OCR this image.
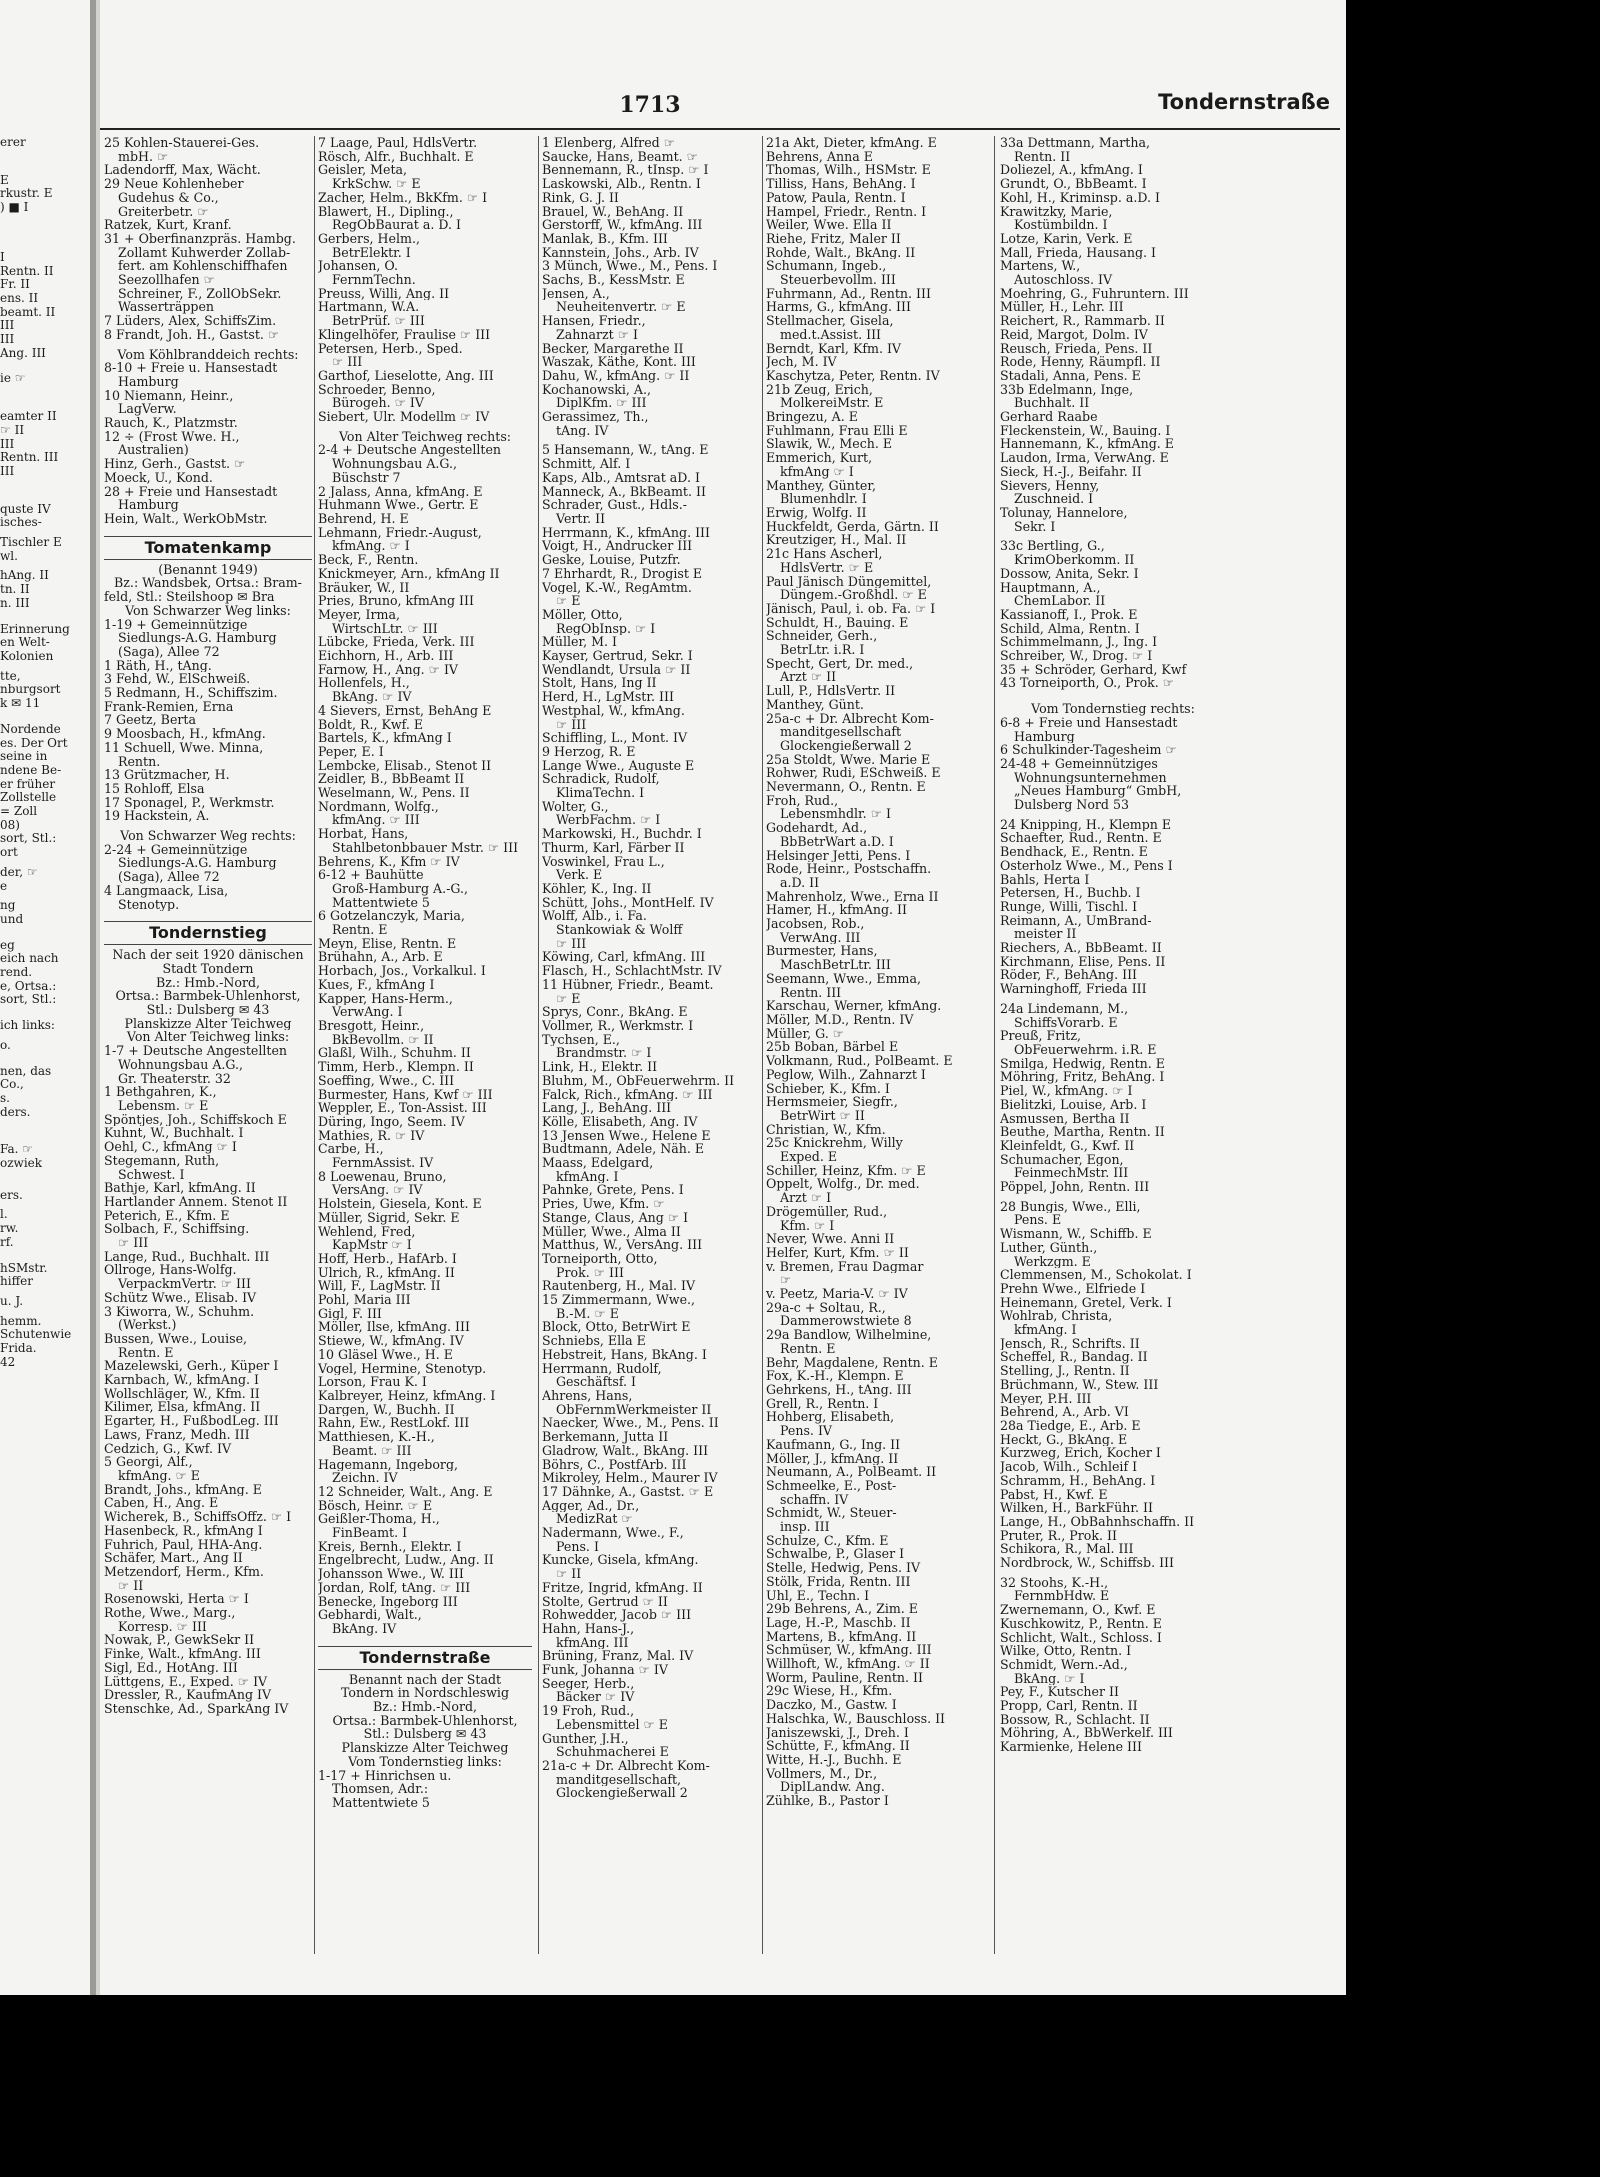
1713	Tondernstraße
erer
E
rkustr. E
) ■ I
I
Rentn. II
Fr. II
ens. II
beamt. II
III
III
Ang. III
ie ☞
eamter II
☞ II
III
Rentn. III
III
quste IV
isches-
Tischler E
wl.
hAng. II
tn. II
n. III
Erinnerung
en Welt-
Kolonien
tte,
nburgsort
k ✉ 11
Nordende
es. Der Ort
seine in
ndene Be-
er früher
Zollstelle
= Zoll
08)
sort, Stl.:
ort
der, ☞
e
ng
und
eg
eich nach
rend.
e, Ortsa.:
sort, Stl.:
ich links:
o.
nen, das
Co.,
s.
ders.
Fa. ☞
ozwiek
ers.
l.
rw.
rf.
hSMstr.
hiffer
u. J.
hemm.
Schutenwie
Frida.
42
25 Kohlen-Stauerei-Ges.
mbH. ☞
Ladendorff, Max, Wächt.
29 Neue Kohlenheber
Gudehus & Co.,
Greiterbetr. ☞
Ratzek, Kurt, Kranf.
31 + Oberfinanzpräs. Hambg.
Zollamt Kuhwerder Zollab-
fert. am Kohlenschiffhafen
Seezollhafen ☞
Schreiner, F., ZollObSekr.
Wasserträppen
7 Lüders, Alex, SchiffsZim.
8 Frandt, Joh. H., Gastst. ☞
Vom Köhlbranddeich rechts:
8-10 + Freie u. Hansestadt
Hamburg
10 Niemann, Heinr.,
LagVerw.
Rauch, K., Platzmstr.
12 ÷ (Frost Wwe. H.,
Australien)
Hinz, Gerh., Gastst. ☞
Moeck, U., Kond.
28 + Freie und Hansestadt
Hamburg
Hein, Walt., WerkObMstr.
Tomatenkamp
(Benannt 1949)
Bz.: Wandsbek, Ortsa.: Bram-
feld, Stl.: Steilshoop ✉ Bra
Von Schwarzer Weg links:
1-19 + Gemeinnützige
Siedlungs-A.G. Hamburg
(Saga), Allee 72
1 Räth, H., tAng.
3 Fehd, W., ElSchweiß.
5 Redmann, H., Schiffszim.
Frank-Remien, Erna
7 Geetz, Berta
9 Moosbach, H., kfmAng.
11 Schuell, Wwe. Minna,
Rentn.
13 Grützmacher, H.
15 Rohloff, Elsa
17 Sponagel, P., Werkmstr.
19 Hackstein, A.
Von Schwarzer Weg rechts:
2-24 + Gemeinnützige
Siedlungs-A.G. Hamburg
(Saga), Allee 72
4 Langmaack, Lisa,
Stenotyp.
Tondernstieg
Nach der seit 1920 dänischen
Stadt Tondern
Bz.: Hmb.-Nord,
Ortsa.: Barmbek-Uhlenhorst,
Stl.: Dulsberg ✉ 43
Planskizze Alter Teichweg
Von Alter Teichweg links:
1-7 + Deutsche Angestellten
Wohnungsbau A.G.,
Gr. Theaterstr. 32
1 Bethgahren, K.,
Lebensm. ☞ E
Spöntjes, Joh., Schiffskoch E
Kuhnt, W., Buchhalt. I
Oehl, C., kfmAng ☞ I
Stegemann, Ruth,
Schwest. I
Bathje, Karl, kfmAng. II
Hartlander Annem. Stenot II
Peterich, E., Kfm. E
Solbach, F., Schiffsing.
☞ III
Lange, Rud., Buchhalt. III
Ollroge, Hans-Wolfg.
VerpackmVertr. ☞ III
Schütz Wwe., Elisab. IV
3 Kiworra, W., Schuhm.
(Werkst.)
Bussen, Wwe., Louise,
Rentn. E
Mazelewski, Gerh., Küper I
Karnbach, W., kfmAng. I
Wollschläger, W., Kfm. II
Kilimer, Elsa, kfmAng. II
Egarter, H., FußbodLeg. III
Laws, Franz, Medh. III
Cedzich, G., Kwf. IV
5 Georgi, Alf.,
kfmAng. ☞ E
Brandt, Johs., kfmAng. E
Caben, H., Ang. E
Wicherek, B., SchiffsOffz. ☞ I
Hasenbeck, R., kfmAng I
Fuhrich, Paul, HHA-Ang.
Schäfer, Mart., Ang II
Metzendorf, Herm., Kfm.
☞ II
Rosenowski, Herta ☞ I
Rothe, Wwe., Marg.,
Korresp. ☞ III
Nowak, P., GewkSekr II
Finke, Walt., kfmAng. III
Sigl, Ed., HotAng. III
Lüttgens, E., Exped. ☞ IV
Dressler, R., KaufmAng IV
Stenschke, Ad., SparkAng IV
7 Laage, Paul, HdlsVertr.
Rösch, Alfr., Buchhalt. E
Geisler, Meta,
KrkSchw. ☞ E
Zacher, Helm., BkKfm. ☞ I
Blawert, H., Dipling.,
RegObBaurat a. D. I
Gerbers, Helm.,
BetrElektr. I
Johansen, O.
FernmTechn.
Preuss, Willi, Ang. II
Hartmann, W.A.
BetrPrüf. ☞ III
Klingelhöfer, Fraulise ☞ III
Petersen, Herb., Sped.
☞ III
Garthof, Lieselotte, Ang. III
Schroeder, Benno,
Bürogeh. ☞ IV
Siebert, Ulr. Modellm ☞ IV
Von Alter Teichweg rechts:
2-4 + Deutsche Angestellten
Wohnungsbau A.G.,
Büschstr 7
2 Jalass, Anna, kfmAng. E
Huhmann Wwe., Gertr. E
Behrend, H. E
Lehmann, Friedr.-August,
kfmAng. ☞ I
Beck, F., Rentn.
Knickmeyer, Arn., kfmAng II
Bräuker, W., II
Pries, Bruno, kfmAng III
Meyer, Irma,
WirtschLtr. ☞ III
Lübcke, Frieda, Verk. III
Eichhorn, H., Arb. III
Farnow, H., Ang. ☞ IV
Hollenfels, H.,
BkAng. ☞ IV
4 Sievers, Ernst, BehAng E
Boldt, R., Kwf. E
Bartels, K., kfmAng I
Peper, E. I
Lembcke, Elisab., Stenot II
Zeidler, B., BbBeamt II
Weselmann, W., Pens. II
Nordmann, Wolfg.,
kfmAng. ☞ III
Horbat, Hans,
Stahlbetonbbauer Mstr. ☞ III
Behrens, K., Kfm ☞ IV
6-12 + Bauhütte
Groß-Hamburg A.-G.,
Mattentwiete 5
6 Gotzelanczyk, Maria,
Rentn. E
Meyn, Elise, Rentn. E
Brühahn, A., Arb. E
Horbach, Jos., Vorkalkul. I
Kues, F., kfmAng I
Kapper, Hans-Herm.,
VerwAng. I
Bresgott, Heinr.,
BkBevollm. ☞ II
Glaßl, Wilh., Schuhm. II
Timm, Herb., Klempn. II
Soeffing, Wwe., C. III
Burmester, Hans, Kwf ☞ III
Weppler, E., Ton-Assist. III
Düring, Ingo, Seem. IV
Mathies, R. ☞ IV
Carbe, H.,
FernmAssist. IV
8 Loewenau, Bruno,
VersAng. ☞ IV
Holstein, Giesela, Kont. E
Müller, Sigrid, Sekr. E
Wehlend, Fred,
KapMstr ☞ I
Hoff, Herb., HafArb. I
Ulrich, R., kfmAng. II
Will, F., LagMstr. II
Pohl, Maria III
Gigl, F. III
Möller, Ilse, kfmAng. III
Stiewe, W., kfmAng. IV
10 Gläsel Wwe., H. E
Vogel, Hermine, Stenotyp.
Lorson, Frau K. I
Kalbreyer, Heinz, kfmAng. I
Dargen, W., Buchh. II
Rahn, Ew., RestLokf. III
Matthiesen, K.-H.,
Beamt. ☞ III
Hagemann, Ingeborg,
Zeichn. IV
12 Schneider, Walt., Ang. E
Bösch, Heinr. ☞ E
Geißler-Thoma, H.,
FinBeamt. I
Kreis, Bernh., Elektr. I
Engelbrecht, Ludw., Ang. II
Johansson Wwe., W. III
Jordan, Rolf, tAng. ☞ III
Benecke, Ingeborg III
Gebhardi, Walt.,
BkAng. IV
Tondernstraße
Benannt nach der Stadt
Tondern in Nordschleswig
Bz.: Hmb.-Nord,
Ortsa.: Barmbek-Uhlenhorst,
Stl.: Dulsberg ✉ 43
Planskizze Alter Teichweg
Vom Tondernstieg links:
1-17 + Hinrichsen u.
Thomsen, Adr.:
Mattentwiete 5
1 Elenberg, Alfred ☞
Saucke, Hans, Beamt. ☞
Bennemann, R., tInsp. ☞ I
Laskowski, Alb., Rentn. I
Rink, G. J. II
Brauel, W., BehAng. II
Gerstorff, W., kfmAng. III
Manlak, B., Kfm. III
Kannstein, Johs., Arb. IV
3 Münch, Wwe., M., Pens. I
Sachs, B., KessMstr. E
Jensen, A.,
Neuheitenvertr. ☞ E
Hansen, Friedr.,
Zahnarzt ☞ I
Becker, Margarethe II
Waszak, Käthe, Kont. III
Dahu, W., kfmAng. ☞ II
Kochanowski, A.,
DiplKfm. ☞ III
Gerassimez, Th.,
tAng. IV
5 Hansemann, W., tAng. E
Schmitt, Alf. I
Kaps, Alb., Amtsrat aD. I
Manneck, A., BkBeamt. II
Schrader, Gust., Hdls.-
Vertr. II
Herrmann, K., kfmAng. III
Voigt, H., Andrucker III
Geske, Louise, Putzfr.
7 Ehrhardt, R., Drogist E
Vogel, K.-W., RegAmtm.
☞ E
Möller, Otto,
RegObInsp. ☞ I
Müller, M. I
Kayser, Gertrud, Sekr. I
Wendlandt, Ursula ☞ II
Stolt, Hans, Ing II
Herd, H., LgMstr. III
Westphal, W., kfmAng.
☞ III
Schiffling, L., Mont. IV
9 Herzog, R. E
Lange Wwe., Auguste E
Schradick, Rudolf,
KlimaTechn. I
Wolter, G.,
WerbFachm. ☞ I
Markowski, H., Buchdr. I
Thurm, Karl, Färber II
Voswinkel, Frau L.,
Verk. E
Köhler, K., Ing. II
Schütt, Johs., MontHelf. IV
Wolff, Alb., i. Fa.
Stankowiak & Wolff
☞ III
Köwing, Carl, kfmAng. III
Flasch, H., SchlachtMstr. IV
11 Hübner, Friedr., Beamt.
☞ E
Sprys, Conr., BkAng. E
Vollmer, R., Werkmstr. I
Tychsen, E.,
Brandmstr. ☞ I
Link, H., Elektr. II
Bluhm, M., ObFeuerwehrm. II
Falck, Rich., kfmAng. ☞ III
Lang, J., BehAng. III
Kölle, Elisabeth, Ang. IV
13 Jensen Wwe., Helene E
Budtmann, Adele, Näh. E
Maass, Edelgard,
kfmAng. I
Pahnke, Grete, Pens. I
Pries, Uwe, Kfm. ☞
Stange, Claus, Ang ☞ I
Müller, Wwe., Alma II
Matthus, W., VersAng. III
Torneiporth, Otto,
Prok. ☞ III
Rautenberg, H., Mal. IV
15 Zimmermann, Wwe.,
B.-M. ☞ E
Block, Otto, BetrWirt E
Schniebs, Ella E
Hebstreit, Hans, BkAng. I
Herrmann, Rudolf,
Geschäftsf. I
Ahrens, Hans,
ObFernmWerkmeister II
Naecker, Wwe., M., Pens. II
Berkemann, Jutta II
Gladrow, Walt., BkAng. III
Böhrs, C., PostfArb. III
Mikroley, Helm., Maurer IV
17 Dähnke, A., Gastst. ☞ E
Agger, Ad., Dr.,
MedizRat ☞
Nadermann, Wwe., F.,
Pens. I
Kuncke, Gisela, kfmAng.
☞ II
Fritze, Ingrid, kfmAng. II
Stolte, Gertrud ☞ II
Rohwedder, Jacob ☞ III
Hahn, Hans-J.,
kfmAng. III
Brüning, Franz, Mal. IV
Funk, Johanna ☞ IV
Seeger, Herb.,
Bäcker ☞ IV
19 Froh, Rud.,
Lebensmittel ☞ E
Gunther, J.H.,
Schuhmacherei E
21a-c + Dr. Albrecht Kom-
manditgesellschaft,
Glockengießerwall 2
21a Akt, Dieter, kfmAng. E
Behrens, Anna E
Thomas, Wilh., HSMstr. E
Tilliss, Hans, BehAng. I
Patow, Paula, Rentn. I
Hampel, Friedr., Rentn. I
Weiler, Wwe. Ella II
Riehe, Fritz, Maler II
Rohde, Walt., BkAng. II
Schumann, Ingeb.,
Steuerbevollm. III
Fuhrmann, Ad., Rentn. III
Harms, G., kfmAng. III
Stellmacher, Gisela,
med.t.Assist. III
Berndt, Karl, Kfm. IV
Jech, M. IV
Kaschytza, Peter, Rentn. IV
21b Zeug, Erich,
MolkereiMstr. E
Bringezu, A. E
Fuhlmann, Frau Elli E
Slawik, W., Mech. E
Emmerich, Kurt,
kfmAng ☞ I
Manthey, Günter,
Blumenhdlr. I
Erwig, Wolfg. II
Huckfeldt, Gerda, Gärtn. II
Kreutziger, H., Mal. II
21c Hans Ascherl,
HdlsVertr. ☞ E
Paul Jänisch Düngemittel,
Düngem.-Großhdl. ☞ E
Jänisch, Paul, i. ob. Fa. ☞ I
Schuldt, H., Bauing. E
Schneider, Gerh.,
BetrLtr. i.R. I
Specht, Gert, Dr. med.,
Arzt ☞ II
Lull, P., HdlsVertr. II
Manthey, Günt.
25a-c + Dr. Albrecht Kom-
manditgesellschaft
Glockengießerwall 2
25a Stoldt, Wwe. Marie E
Rohwer, Rudi, ESchweiß. E
Nevermann, O., Rentn. E
Froh, Rud.,
Lebensmhdlr. ☞ I
Godehardt, Ad.,
BbBetrWart a.D. I
Helsinger Jetti, Pens. I
Rode, Heinr., Postschaffn.
a.D. II
Mahrenholz, Wwe., Erna II
Hamer, H., kfmAng. II
Jacobsen, Rob.,
VerwAng. III
Burmester, Hans,
MaschBetrLtr. III
Seemann, Wwe., Emma,
Rentn. III
Karschau, Werner, kfmAng.
Möller, M.D., Rentn. IV
Müller, G. ☞
25b Boban, Bärbel E
Volkmann, Rud., PolBeamt. E
Peglow, Wilh., Zahnarzt I
Schieber, K., Kfm. I
Hermsmeier, Siegfr.,
BetrWirt ☞ II
Christian, W., Kfm.
25c Knickrehm, Willy
Exped. E
Schiller, Heinz, Kfm. ☞ E
Oppelt, Wolfg., Dr. med.
Arzt ☞ I
Drögemüller, Rud.,
Kfm. ☞ I
Never, Wwe. Anni II
Helfer, Kurt, Kfm. ☞ II
v. Bremen, Frau Dagmar
☞
v. Peetz, Maria-V. ☞ IV
29a-c + Soltau, R.,
Dammerowstwiete 8
29a Bandlow, Wilhelmine,
Rentn. E
Behr, Magdalene, Rentn. E
Fox, K.-H., Klempn. E
Gehrkens, H., tAng. III
Grell, R., Rentn. I
Hohberg, Elisabeth,
Pens. IV
Kaufmann, G., Ing. II
Möller, J., kfmAng. II
Neumann, A., PolBeamt. II
Schmeelke, E., Post-
schaffn. IV
Schmidt, W., Steuer-
insp. III
Schulze, C., Kfm. E
Schwalbe, P., Glaser I
Stelle, Hedwig, Pens. IV
Stölk, Frida, Rentn. III
Uhl, E., Techn. I
29b Behrens, A., Zim. E
Lage, H.-P., Maschb. II
Martens, B., kfmAng. II
Schmüser, W., kfmAng. III
Willhoft, W., kfmAng. ☞ II
Worm, Pauline, Rentn. II
29c Wiese, H., Kfm.
Daczko, M., Gastw. I
Halschka, W., Bauschloss. II
Janiszewski, J., Dreh. I
Schütte, F., kfmAng. II
Witte, H.-J., Buchh. E
Vollmers, M., Dr.,
DiplLandw. Ang.
Zühlke, B., Pastor I
33a Dettmann, Martha,
Rentn. II
Doliezel, A., kfmAng. I
Grundt, O., BbBeamt. I
Kohl, H., Kriminsp. a.D. I
Krawitzky, Marie,
Kostümbildn. I
Lotze, Karin, Verk. E
Mall, Frieda, Hausang. I
Martens, W.,
Autoschloss. IV
Moehring, G., Fuhruntern. III
Müller, H., Lehr. III
Reichert, R., Rammarb. II
Reid, Margot, Dolm. IV
Reusch, Frieda, Pens. II
Rode, Henny, Räumpfl. II
Stadali, Anna, Pens. E
33b Edelmann, Inge,
Buchhalt. II
Gerhard Raabe
Fleckenstein, W., Bauing. I
Hannemann, K., kfmAng. E
Laudon, Irma, VerwAng. E
Sieck, H.-J., Beifahr. II
Sievers, Henny,
Zuschneid. I
Tolunay, Hannelore,
Sekr. I
33c Bertling, G.,
KrimOberkomm. II
Dossow, Anita, Sekr. I
Hauptmann, A.,
ChemLabor. II
Kassianoff, I., Prok. E
Schild, Alma, Rentn. I
Schimmelmann, J., Ing. I
Schreiber, W., Drog. ☞ I
35 + Schröder, Gerhard, Kwf
43 Torneiporth, O., Prok. ☞
Vom Tondernstieg rechts:
6-8 + Freie und Hansestadt
Hamburg
6 Schulkinder-Tagesheim ☞
24-48 + Gemeinnütziges
Wohnungsunternehmen
„Neues Hamburg“ GmbH,
Dulsberg Nord 53
24 Knipping, H., Klempn E
Schaefter, Rud., Rentn. E
Bendhack, E., Rentn. E
Osterholz Wwe., M., Pens I
Bahls, Herta I
Petersen, H., Buchb. I
Runge, Willi, Tischl. I
Reimann, A., UmBrand-
meister II
Riechers, A., BbBeamt. II
Kirchmann, Elise, Pens. II
Röder, F., BehAng. III
Warninghoff, Frieda III
24a Lindemann, M.,
SchiffsVorarb. E
Preuß, Fritz,
ObFeuerwehrm. i.R. E
Smilga, Hedwig, Rentn. E
Möhring, Fritz, BehAng. I
Piel, W., kfmAng. ☞ I
Bielitzki, Louise, Arb. I
Asmussen, Bertha II
Beuthe, Martha, Rentn. II
Kleinfeldt, G., Kwf. II
Schumacher, Egon,
FeinmechMstr. III
Pöppel, John, Rentn. III
28 Bungis, Wwe., Elli,
Pens. E
Wismann, W., Schiffb. E
Luther, Günth.,
Werkzgm. E
Clemmensen, M., Schokolat. I
Prehn Wwe., Elfriede I
Heinemann, Gretel, Verk. I
Wohlrab, Christa,
kfmAng. I
Jensch, R., Schrifts. II
Scheffel, R., Bandag. II
Stelling, J., Rentn. II
Brüchmann, W., Stew. III
Meyer, P.H. III
Behrend, A., Arb. VI
28a Tiedge, E., Arb. E
Heckt, G., BkAng. E
Kurzweg, Erich, Kocher I
Jacob, Wilh., Schleif I
Schramm, H., BehAng. I
Pabst, H., Kwf. E
Wilken, H., BarkFühr. II
Lange, H., ObBahnhschaffn. II
Pruter, R., Prok. II
Schikora, R., Mal. III
Nordbrock, W., Schiffsb. III
32 Stoohs, K.-H.,
FernmbHdw. E
Zwernemann, O., Kwf. E
Kuschkowitz, P., Rentn. E
Schlicht, Walt., Schloss. I
Wilke, Otto, Rentn. I
Schmidt, Wern.-Ad.,
BkAng. ☞ I
Pey, F., Kutscher II
Propp, Carl, Rentn. II
Bossow, R., Schlacht. II
Möhring, A., BbWerkelf. III
Karmienke, Helene III
